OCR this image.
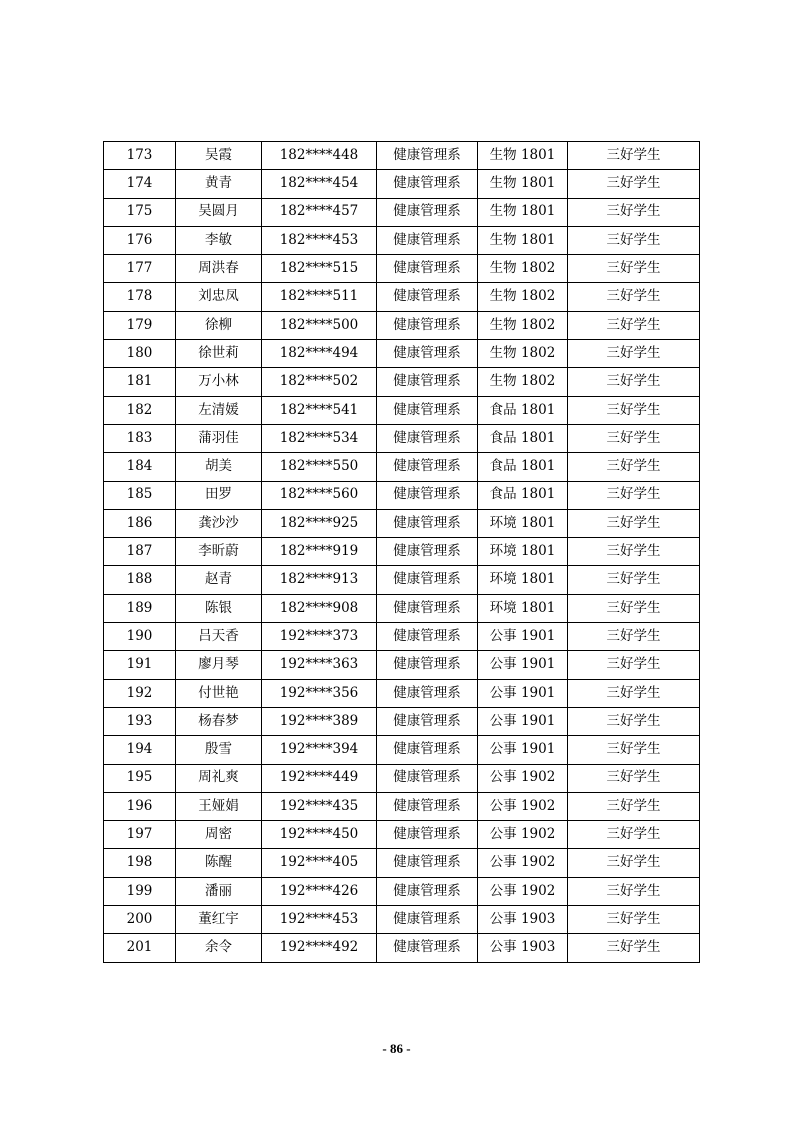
173	吴霞	182****448	健康管理系	生物 1801	三好学生
174	黄青	182****454	健康管理系	生物 1801	三好学生
175	吴圆月	182****457	健康管理系	生物 1801	三好学生
176	李敏	182****453	健康管理系	生物 1801	三好学生
177	周洪春	182****515	健康管理系	生物 1802	三好学生
178	刘忠凤	182****511	健康管理系	生物 1802	三好学生
179	徐柳	182****500	健康管理系	生物 1802	三好学生
180	徐世莉	182****494	健康管理系	生物 1802	三好学生
181	万小林	182****502	健康管理系	生物 1802	三好学生
182	左清媛	182****541	健康管理系	食品 1801	三好学生
183	蒲羽佳	182****534	健康管理系	食品 1801	三好学生
184	胡美	182****550	健康管理系	食品 1801	三好学生
185	田罗	182****560	健康管理系	食品 1801	三好学生
186	龚沙沙	182****925	健康管理系	环境 1801	三好学生
187	李昕蔚	182****919	健康管理系	环境 1801	三好学生
188	赵青	182****913	健康管理系	环境 1801	三好学生
189	陈银	182****908	健康管理系	环境 1801	三好学生
190	吕天香	192****373	健康管理系	公事 1901	三好学生
191	廖月琴	192****363	健康管理系	公事 1901	三好学生
192	付世艳	192****356	健康管理系	公事 1901	三好学生
193	杨春梦	192****389	健康管理系	公事 1901	三好学生
194	殷雪	192****394	健康管理系	公事 1901	三好学生
195	周礼爽	192****449	健康管理系	公事 1902	三好学生
196	王娅娟	192****435	健康管理系	公事 1902	三好学生
197	周密	192****450	健康管理系	公事 1902	三好学生
198	陈醒	192****405	健康管理系	公事 1902	三好学生
199	潘丽	192****426	健康管理系	公事 1902	三好学生
200	董红宇	192****453	健康管理系	公事 1903	三好学生
201	余令	192****492	健康管理系	公事 1903	三好学生
- 86 -
